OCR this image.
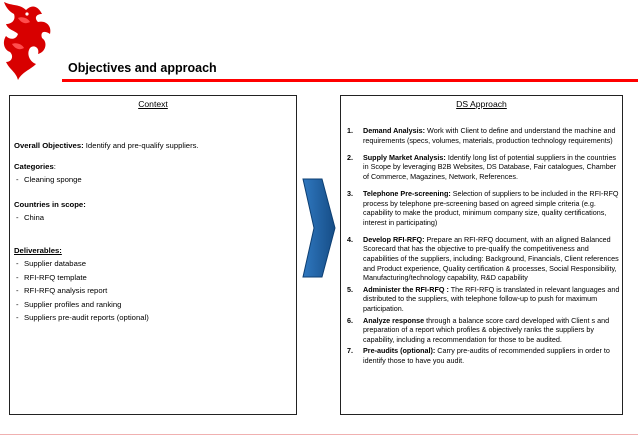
Objectives and approach
Context
Overall Objectives: Identify and pre-qualify suppliers.
Categories:
- Cleaning sponge
Countries in scope:
- China
Deliverables:
- Supplier database
- RFI-RFQ template
- RFI-RFQ analysis report
- Supplier profiles and ranking
- Suppliers pre-audit reports (optional)
DS Approach
1. Demand Analysis: Work with Client to define and understand the machine and requirements (specs, volumes, materials, production technology requirements)
2. Supply Market Analysis: Identify long list of potential suppliers in the countries in Scope by leveraging B2B Websites, DS Database, Fair catalogues, Chamber of Commerce, Magazines, Network, References.
3. Telephone Pre-screening: Selection of suppliers to be included in the RFI-RFQ process by telephone pre-screening based on agreed simple criteria (e.g. capability to make the product, minimum company size, quality certifications, interest in participating)
4. Develop RFI-RFQ: Prepare an RFI-RFQ document, with an aligned Balanced Scorecard that has the objective to pre-qualify the competitiveness and capabilities of the suppliers, including: Background, Financials, Client references and Product experience, Quality certification & processes, Social Responsibility, Manufacturing/technology capability, R&D capability
5. Administer the RFI-RFQ : The RFI-RFQ is translated in relevant languages and distributed to the suppliers, with telephone follow-up to push for maximum participation.
6. Analyze response through a balance score card developed with Client s and preparation of a report which profiles & objectively ranks the suppliers by capability, including a recommendation for those to be audited.
7. Pre-audits (optional): Carry pre-audits of recommended suppliers in order to identify those to have you audit.
